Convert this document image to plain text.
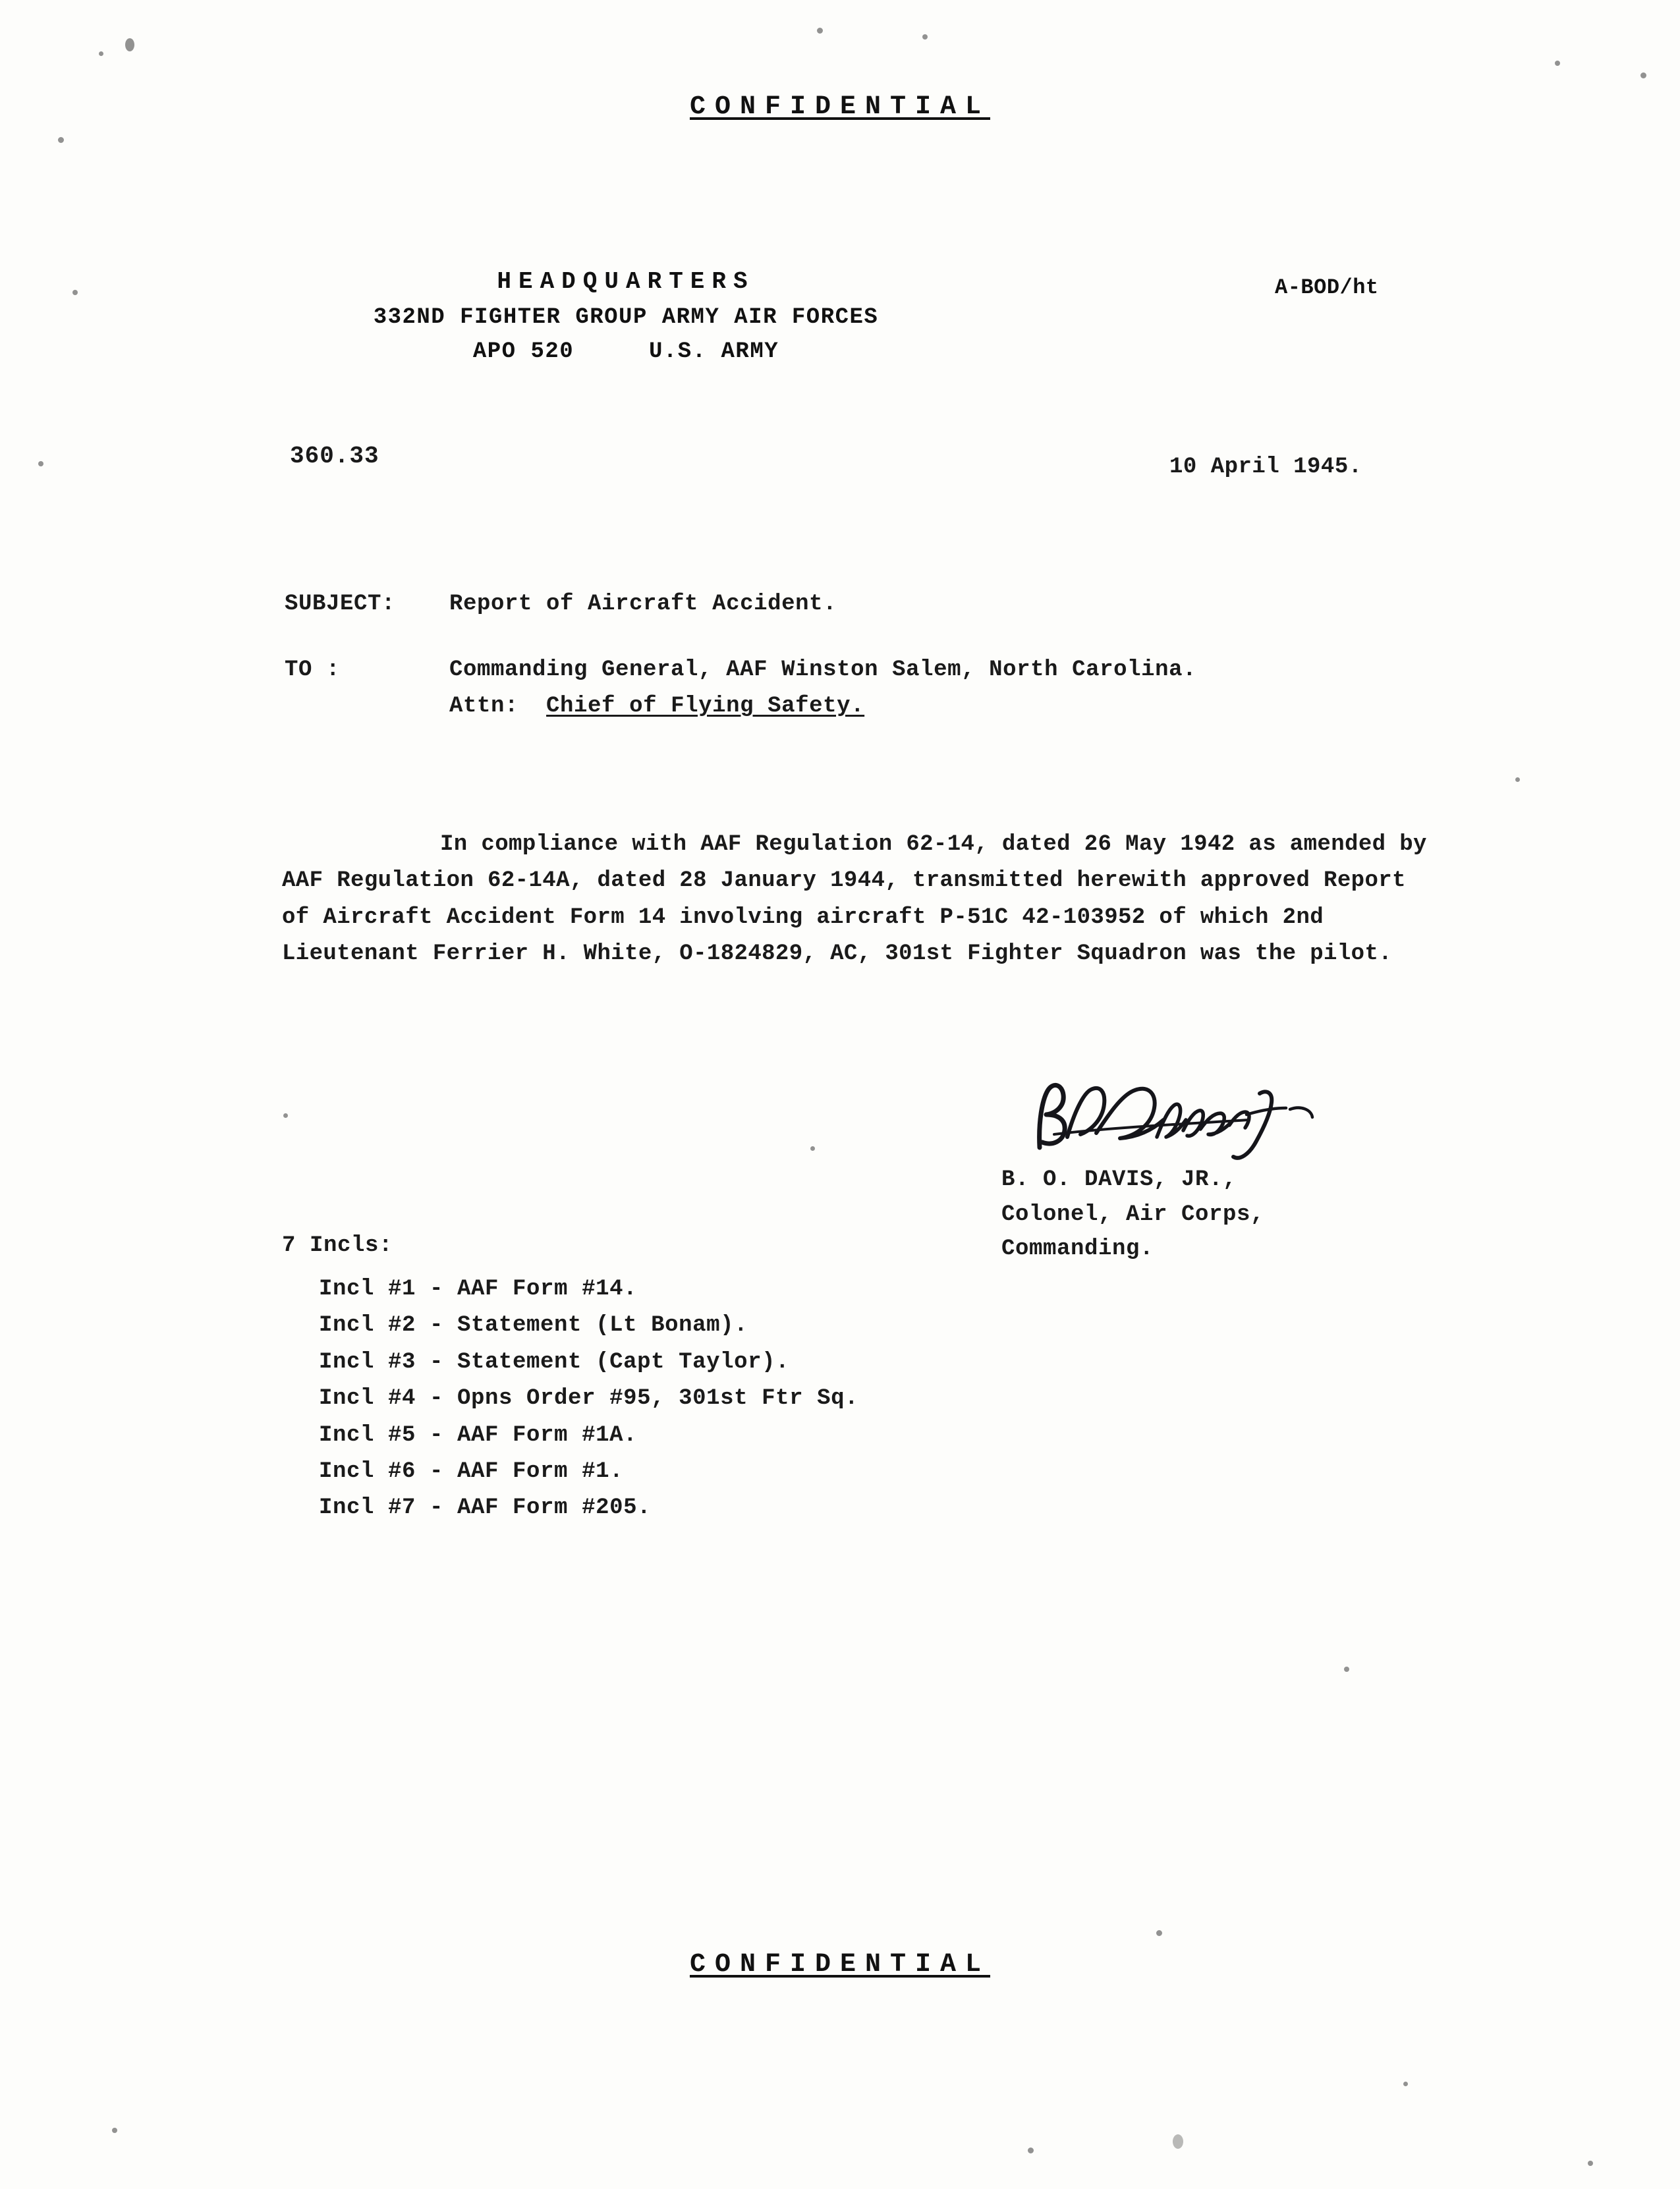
CONFIDENTIAL
HEADQUARTERS
332ND FIGHTER GROUP ARMY AIR FORCES
APO 520	U.S. ARMY
A-BOD/ht
360.33	10 April 1945.
SUBJECT: Report of Aircraft Accident.
TO :	Commanding General, AAF Winston Salem, North Carolina.
Attn: Chief of Flying Safety.
In compliance with AAF Regulation 62-14, dated 26 May 1942 as amended by AAF Regulation 62-14A, dated 28 January 1944, transmitted herewith approved Report of Aircraft Accident Form 14 involving aircraft P-51C 42-103952 of which 2nd Lieutenant Ferrier H. White, O-1824829, AC, 301st Fighter Squadron was the pilot.
B. O. DAVIS, JR.,
Colonel, Air Corps,
Commanding.
7 Incls:
Incl #1 - AAF Form #14.
Incl #2 - Statement (Lt Bonam).
Incl #3 - Statement (Capt Taylor).
Incl #4 - Opns Order #95, 301st Ftr Sq.
Incl #5 - AAF Form #1A.
Incl #6 - AAF Form #1.
Incl #7 - AAF Form #205.
CONFIDENTIAL
